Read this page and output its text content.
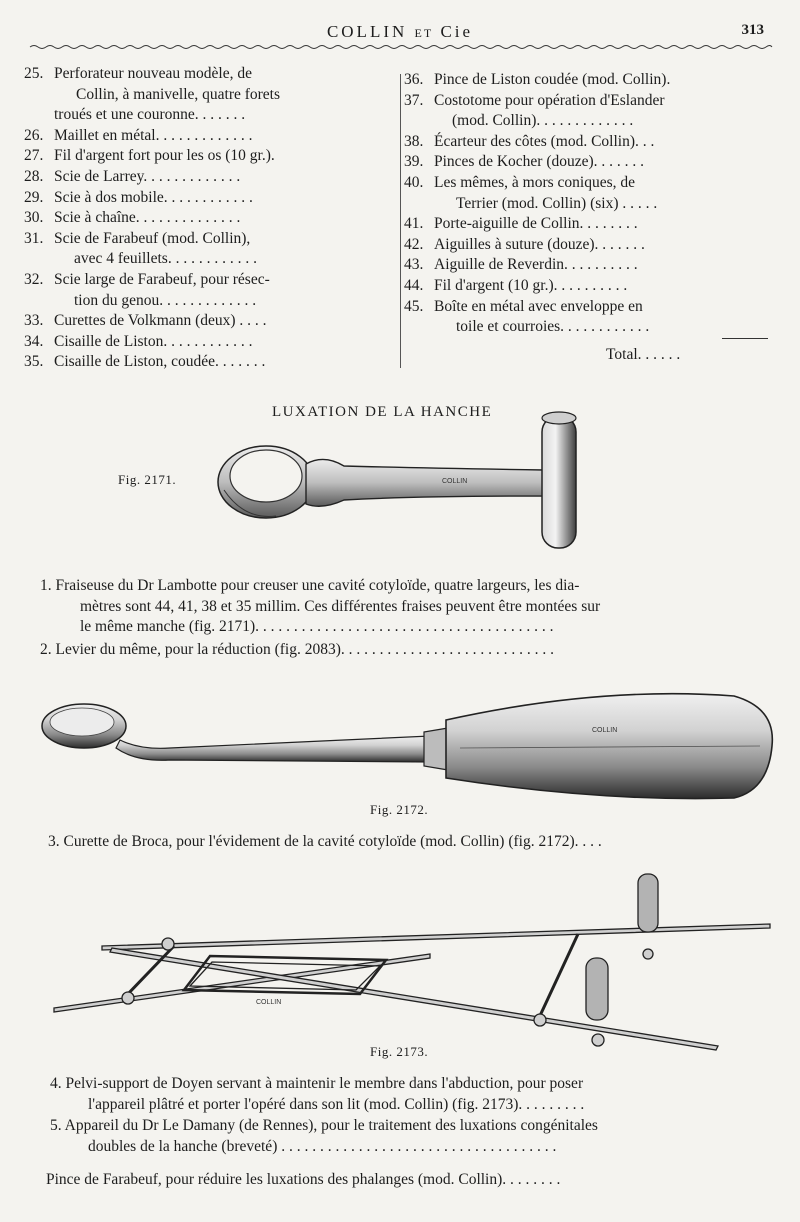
COLLIN ET Cie	313
25. Perforateur nouveau modèle, de
Collin, à manivelle, quatre forets
troués et une couronne. . . . . . .
26. Maillet en métal. . . . . . . . . . . . .
27. Fil d'argent fort pour les os (10 gr.).
28. Scie de Larrey. . . . . . . . . . . . .
29. Scie à dos mobile. . . . . . . . . . . .
30. Scie à chaîne. . . . . . . . . . . . . .
31. Scie de Farabeuf (mod. Collin),
avec 4 feuillets. . . . . . . . . . . .
32. Scie large de Farabeuf, pour résec-
tion du genou. . . . . . . . . . . . .
33. Curettes de Volkmann (deux) . . . .
34. Cisaille de Liston. . . . . . . . . . . .
35. Cisaille de Liston, coudée. . . . . . .
36. Pince de Liston coudée (mod. Collin).
37. Costotome pour opération d'Eslander
(mod. Collin). . . . . . . . . . . . .
38. Écarteur des côtes (mod. Collin). . .
39. Pinces de Kocher (douze). . . . . . .
40. Les mêmes, à mors coniques, de
Terrier (mod. Collin) (six) . . . . .
41. Porte-aiguille de Collin. . . . . . . .
42. Aiguilles à suture (douze). . . . . . .
43. Aiguille de Reverdin. . . . . . . . . .
44. Fil d'argent (10 gr.). . . . . . . . . .
45. Boîte en métal avec enveloppe en
toile et courroies. . . . . . . . . . . .
Total. . . . . .
LUXATION DE LA HANCHE
Fig. 2171.	COLLIN
1. Fraiseuse du Dr Lambotte pour creuser une cavité cotyloïde, quatre largeurs, les dia-
mètres sont 44, 41, 38 et 35 millim. Ces différentes fraises peuvent être montées sur
le même manche (fig. 2171). . . . . . . . . . . . . . . . . . . . . . . . . . . . . . . . . . . . . . .
2. Levier du même, pour la réduction (fig. 2083). . . . . . . . . . . . . . . . . . . . . . . . . . . .
COLLIN
Fig. 2172.
3. Curette de Broca, pour l'évidement de la cavité cotyloïde (mod. Collin) (fig. 2172). . . .
COLLIN
Fig. 2173.
4. Pelvi-support de Doyen servant à maintenir le membre dans l'abduction, pour poser
l'appareil plâtré et porter l'opéré dans son lit (mod. Collin) (fig. 2173). . . . . . . . .
5. Appareil du Dr Le Damany (de Rennes), pour le traitement des luxations congénitales
doubles de la hanche (breveté) . . . . . . . . . . . . . . . . . . . . . . . . . . . . . . . . . . . .
Pince de Farabeuf, pour réduire les luxations des phalanges (mod. Collin). . . . . . . .
